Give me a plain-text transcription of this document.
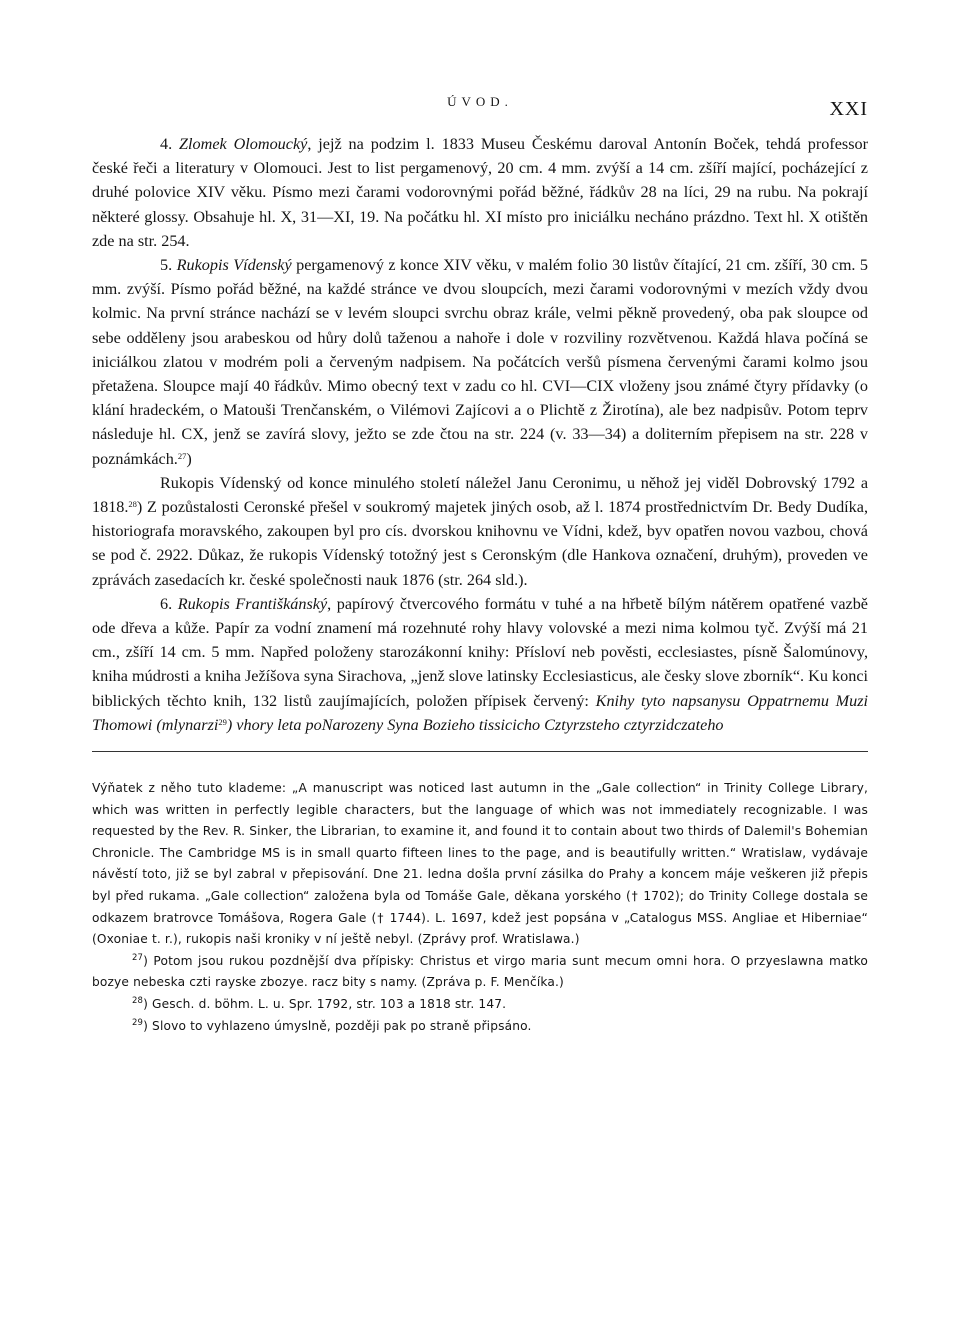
ÚVOD.	XXI

4. Zlomek Olomoucký, jejž na podzim l. 1833 Museu Českému daroval Antonín Boček, tehdá professor české řeči a literatury v Olomouci. Jest to list pergamenový, 20 cm. 4 mm. zvýší a 14 cm. zšíří mající, pocházející z druhé polovice XIV věku. Písmo mezi čarami vodorovnými pořád běžné, řádkův 28 na líci, 29 na rubu. Na pokrají některé glossy. Obsahuje hl. X, 31—XI, 19. Na počátku hl. XI místo pro iniciálku necháno prázdno. Text hl. X otištěn zde na str. 254.

5. Rukopis Vídenský pergamenový z konce XIV věku, v malém folio 30 listův čítající, 21 cm. zšíří, 30 cm. 5 mm. zvýší. Písmo pořád běžné, na každé stránce ve dvou sloupcích, mezi čarami vodorovnými v mezích vždy dvou kolmic. Na první stránce nachází se v levém sloupci svrchu obraz krále, velmi pěkně provedený, oba pak sloupce od sebe odděleny jsou arabeskou od hůry dolů taženou a nahoře i dole v rozviliny rozvětvenou. Každá hlava počíná se iniciálkou zlatou v modrém poli a červeným nadpisem. Na počátcích veršů písmena červenými čarami kolmo jsou přetažena. Sloupce mají 40 řádkův. Mimo obecný text v zadu co hl. CVI—CIX vloženy jsou známé čtyry přídavky (o klání hradeckém, o Matouši Trenčanském, o Vilémovi Zajícovi a o Plichtě z Žirotína), ale bez nadpisův. Potom teprv následuje hl. CX, jenž se zavírá slovy, ježto se zde čtou na str. 224 (v. 33—34) a doliterním přepisem na str. 228 v poznámkách.$^{27}$)

Rukopis Vídenský od konce minulého století náležel Janu Ceronimu, u něhož jej viděl Dobrovský 1792 a 1818.28) Z pozůstalosti Ceronské přešel v soukromý majetek jiných osob, až l. 1874 prostřednictvím Dr. Bedy Dudíka, historiografa moravského, zakoupen byl pro cís. dvorskou knihovnu ve Vídni, kdež, byv opatřen novou vazbou, chová se pod č. 2922. Důkaz, že rukopis Vídenský totožný jest s Ceronským (dle Hankova označení, druhým), proveden ve zprávách zasedacích kr. české společnosti nauk 1876 (str. 264 sld.).

6. Rukopis Františkánský, papírový čtvercového formátu v tuhé a na hřbetě bílým nátěrem opatřené vazbě ode dřeva a kůže. Papír za vodní znamení má rozehnuté rohy hlavy volovské a mezi nima kolmou tyč. Zvýší má 21 cm., zšíří 14 cm. 5 mm. Napřed položeny starozákonní knihy: Přísloví neb pověsti, ecclesiastes, písně Šalomúnovy, kniha múdrosti a kniha Ježíšova syna Sirachova, „jenž slove latinsky Ecclesiasticus, ale česky slove zborník“. Ku konci biblických těchto knih, 132 listů zaujímajících, položen přípisek červený: Knihy tyto napsanysu Oppatrnemu Muzi Thomowi (mlynarzi$^{29}$) vhory leta poNarozeny Syna Bozieho tissicicho Cztyrzsteho cztyrzidczateho

Výňatek z něho tuto klademe: „A manuscript was noticed last autumn in the „Gale collection“ in Trinity College Library, which was written in perfectly legible characters, but the language of which was not immediately recognizable. I was requested by the Rev. R. Sinker, the Librarian, to examine it, and found it to contain about two thirds of Dalemil's Bohemian Chronicle. The Cambridge MS is in small quarto fifteen lines to the page, and is beautifully written.“ Wratislaw, vydávaje návěstí toto, již se byl zabral v přepisování. Dne 21. ledna došla první zásilka do Prahy a koncem máje veškeren již přepis byl před rukama. „Gale collection“ založena byla od Tomáše Gale, děkana yorského († 1702); do Trinity College dostala se odkazem bratrovce Tomášova, Rogera Gale († 1744). L. 1697, kdež jest popsána v „Catalogus MSS. Angliae et Hiberniae“ (Oxoniae t. r.), rukopis naši kroniky v ní ještě nebyl. (Zprávy prof. Wratislawa.)

$^{27}$) Potom jsou rukou pozdnější dva přípisky: Christus et virgo maria sunt mecum omni hora. O przyeslawna matko bozye nebeska czti rayske zbozye. racz bity s namy. (Zpráva p. F. Menčíka.)

$^{28}$) Gesch. d. böhm. L. u. Spr. 1792, str. 103 a 1818 str. 147.

$^{29}$) Slovo to vyhlazeno úmyslně, později pak po straně připsáno.
